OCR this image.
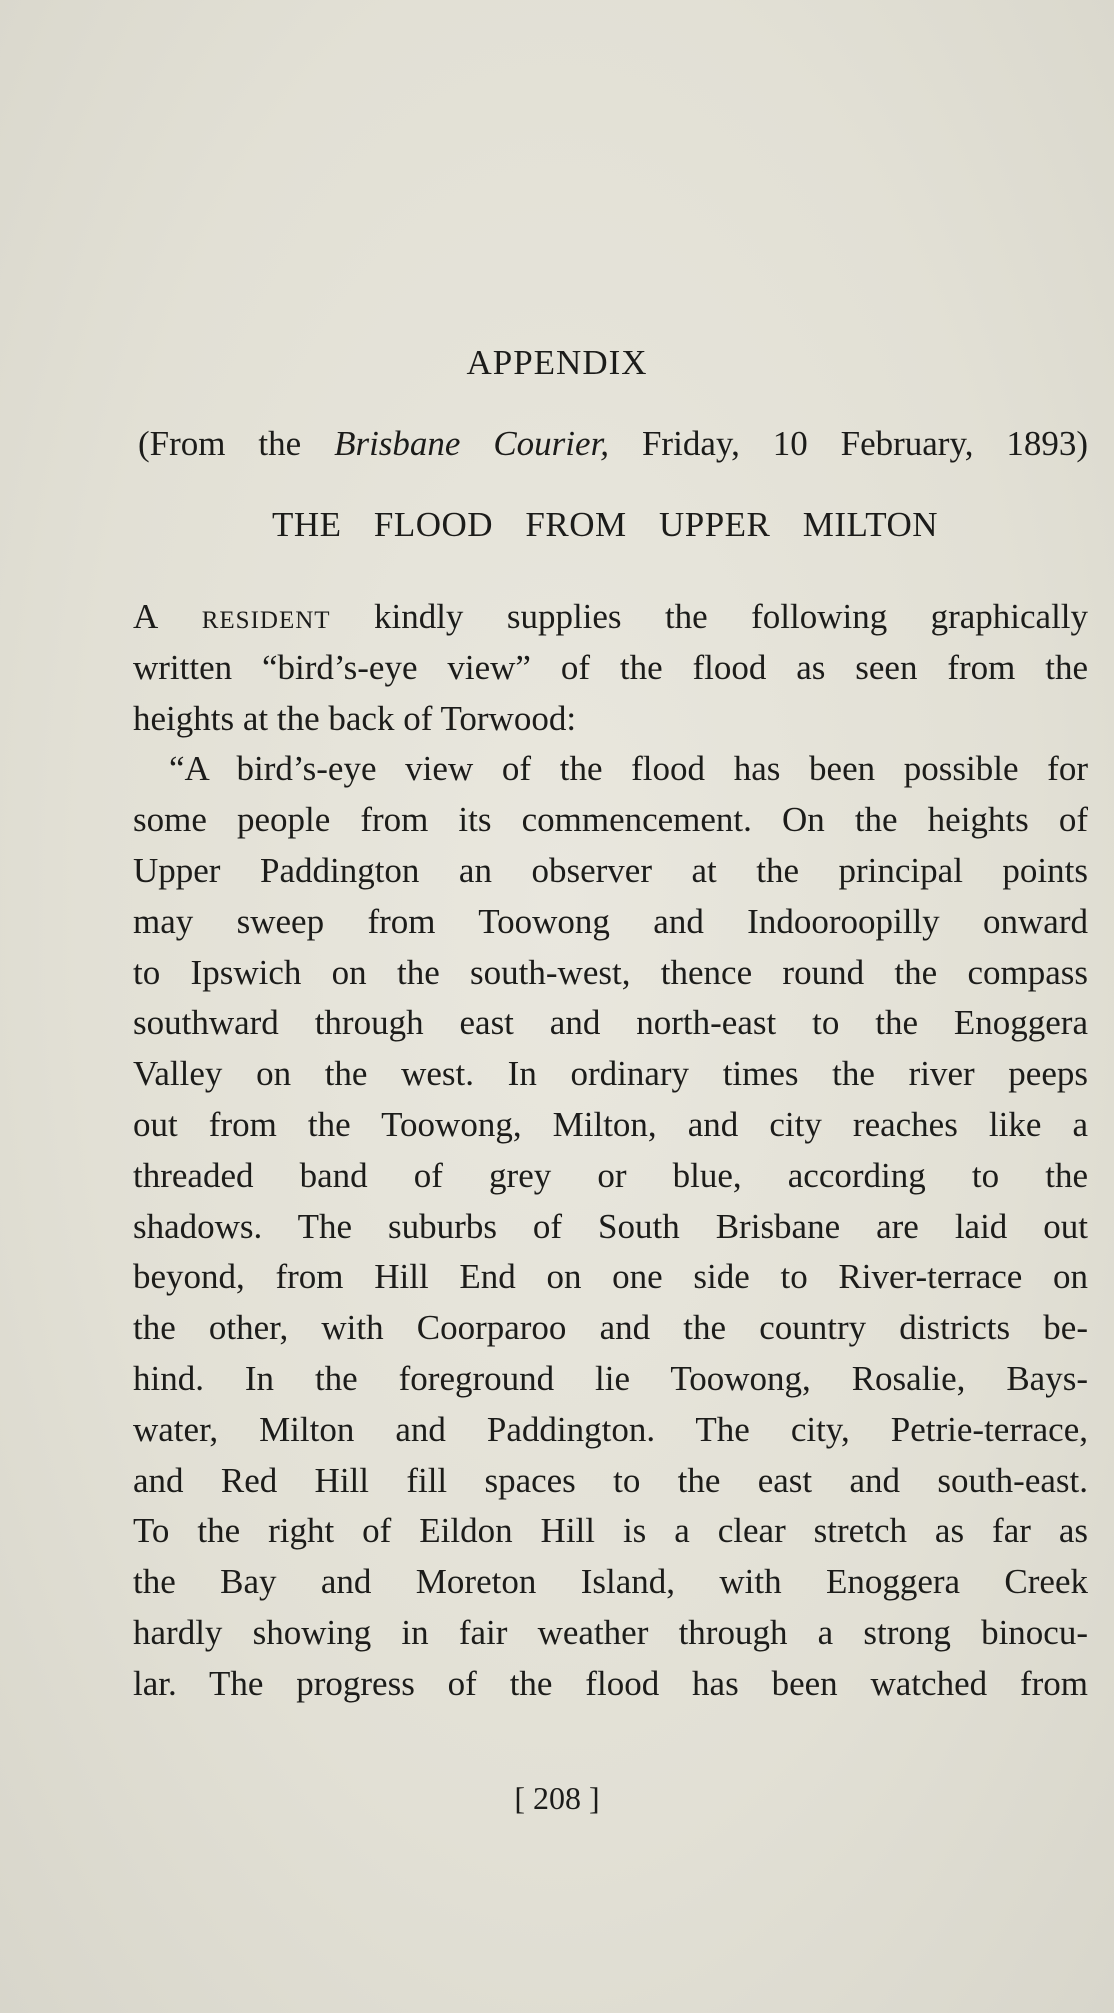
APPENDIX
(From the Brisbane Courier, Friday, 10 February, 1893)
THE FLOOD FROM UPPER MILTON
A resident kindly supplies the following graphically
written “bird’s-eye view” of the flood as seen from the
heights at the back of Torwood:
“A bird’s-eye view of the flood has been possible for
some people from its commencement. On the heights of
Upper Paddington an observer at the principal points
may sweep from Toowong and Indooroopilly onward
to Ipswich on the south-west, thence round the compass
southward through east and north-east to the Enoggera
Valley on the west. In ordinary times the river peeps
out from the Toowong, Milton, and city reaches like a
threaded band of grey or blue, according to the
shadows. The suburbs of South Brisbane are laid out
beyond, from Hill End on one side to River-terrace on
the other, with Coorparoo and the country districts be-
hind. In the foreground lie Toowong, Rosalie, Bays-
water, Milton and Paddington. The city, Petrie-terrace,
and Red Hill fill spaces to the east and south-east.
To the right of Eildon Hill is a clear stretch as far as
the Bay and Moreton Island, with Enoggera Creek
hardly showing in fair weather through a strong binocu-
lar. The progress of the flood has been watched from
[ 208 ]
